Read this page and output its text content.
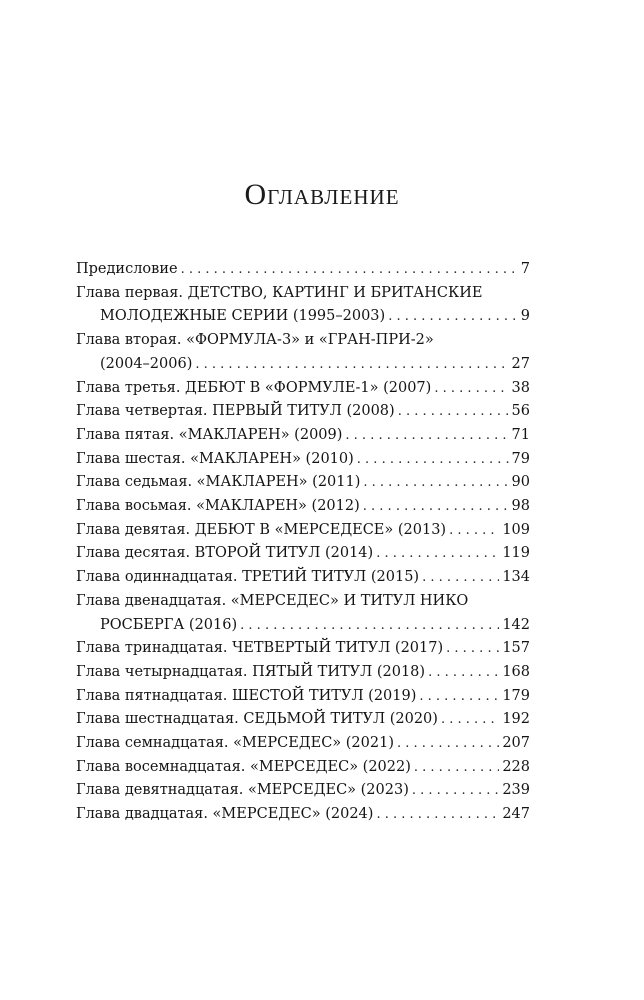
Оглавление
Предисловие . . .	7
Глава первая. ДЕТСТВО, КАРТИНГ И БРИТАНСКИЕ
МОЛОДЕЖНЫЕ СЕРИИ (1995–2003) . . .	9
Глава вторая. «ФОРМУЛА-3» и «ГРАН-ПРИ-2»
(2004–2006) . . .	27
Глава третья. ДЕБЮТ В «ФОРМУЛЕ-1» (2007) . . .	38
Глава четвертая. ПЕРВЫЙ ТИТУЛ (2008) . . .	56
Глава пятая. «МАКЛАРЕН» (2009) . . .	71
Глава шестая. «МАКЛАРЕН» (2010) . . .	79
Глава седьмая. «МАКЛАРЕН» (2011) . . .	90
Глава восьмая. «МАКЛАРЕН» (2012) . . .	98
Глава девятая. ДЕБЮТ В «МЕРСЕДЕСЕ» (2013) . . .	109
Глава десятая. ВТОРОЙ ТИТУЛ (2014) . . .	119
Глава одиннадцатая. ТРЕТИЙ ТИТУЛ (2015) . . .	134
Глава двенадцатая. «МЕРСЕДЕС» И ТИТУЛ НИКО
РОСБЕРГА (2016) . . .	142
Глава тринадцатая. ЧЕТВЕРТЫЙ ТИТУЛ (2017) . . .	157
Глава четырнадцатая. ПЯТЫЙ ТИТУЛ (2018) . . .	168
Глава пятнадцатая. ШЕСТОЙ ТИТУЛ (2019) . . .	179
Глава шестнадцатая. СЕДЬМОЙ ТИТУЛ (2020) . . .	192
Глава семнадцатая. «МЕРСЕДЕС» (2021) . . .	207
Глава восемнадцатая. «МЕРСЕДЕС» (2022) . . .	228
Глава девятнадцатая. «МЕРСЕДЕС» (2023) . . .	239
Глава двадцатая. «МЕРСЕДЕС» (2024) . . .	247
